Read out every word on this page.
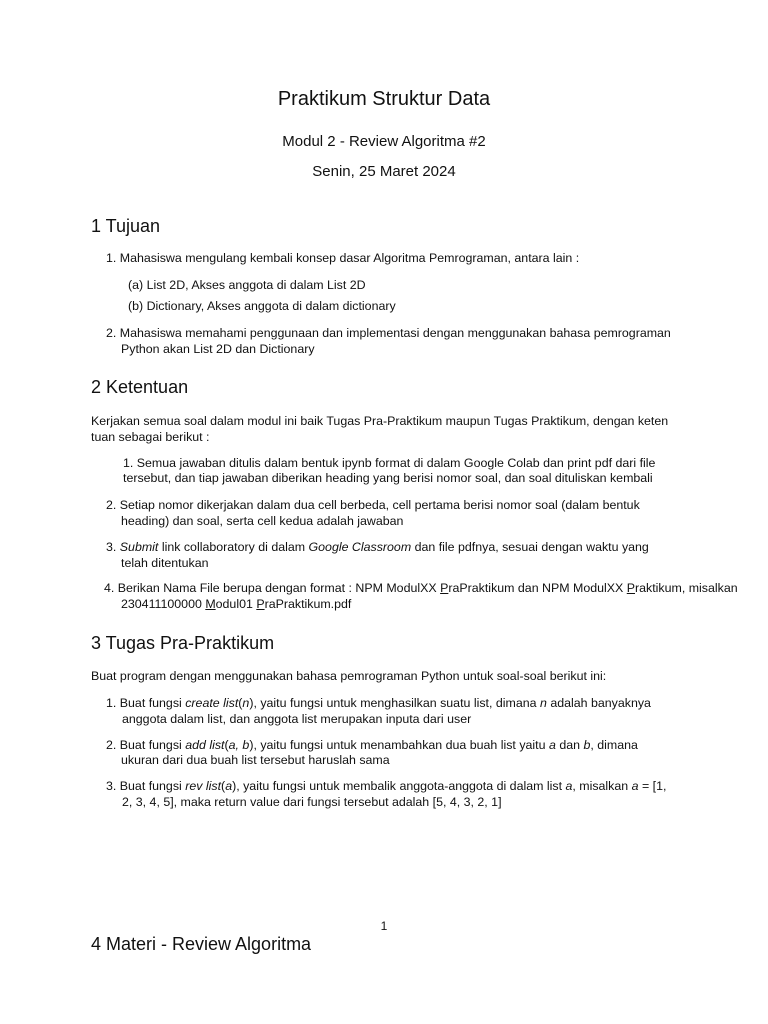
Praktikum Struktur Data
Modul 2 - Review Algoritma #2
Senin, 25 Maret 2024
1 Tujuan
1. Mahasiswa mengulang kembali konsep dasar Algoritma Pemrograman, antara lain :
(a) List 2D, Akses anggota di dalam List 2D
(b) Dictionary, Akses anggota di dalam dictionary
2. Mahasiswa memahami penggunaan dan implementasi dengan menggunakan bahasa pemrograman
Python akan List 2D dan Dictionary
2 Ketentuan
Kerjakan semua soal dalam modul ini baik Tugas Pra-Praktikum maupun Tugas Praktikum, dengan keten
tuan sebagai berikut :
1. Semua jawaban ditulis dalam bentuk ipynb format di dalam Google Colab dan print pdf dari file
tersebut, dan tiap jawaban diberikan heading yang berisi nomor soal, dan soal dituliskan kembali
2. Setiap nomor dikerjakan dalam dua cell berbeda, cell pertama berisi nomor soal (dalam bentuk
heading) dan soal, serta cell kedua adalah jawaban
3. Submit link collaboratory di dalam Google Classroom dan file pdfnya, sesuai dengan waktu yang
telah ditentukan
4. Berikan Nama File berupa dengan format : NPM ModulXX PraPraktikum dan NPM ModulXX Praktikum, misalkan
230411100000 Modul01 PraPraktikum.pdf
3 Tugas Pra-Praktikum
Buat program dengan menggunakan bahasa pemrograman Python untuk soal-soal berikut ini:
1. Buat fungsi create list(n), yaitu fungsi untuk menghasilkan suatu list, dimana n adalah banyaknya
anggota dalam list, dan anggota list merupakan inputa dari user
2. Buat fungsi add list(a, b), yaitu fungsi untuk menambahkan dua buah list yaitu a dan b, dimana
ukuran dari dua buah list tersebut haruslah sama
3. Buat fungsi rev list(a), yaitu fungsi untuk membalik anggota-anggota di dalam list a, misalkan a = [1,
2, 3, 4, 5], maka return value dari fungsi tersebut adalah [5, 4, 3, 2, 1]
1
4 Materi - Review Algoritma
